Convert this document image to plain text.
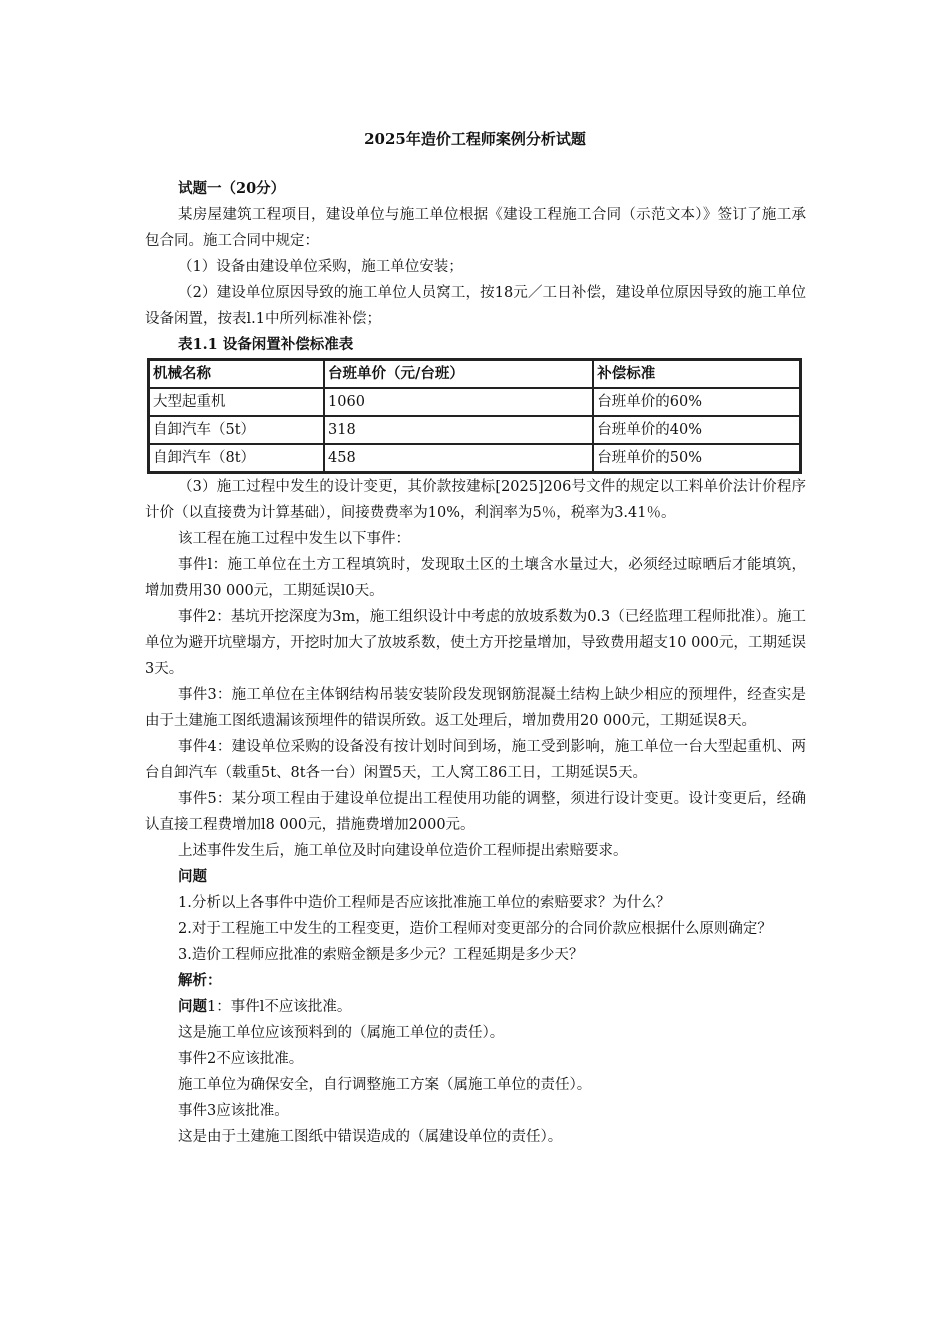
2025年造价工程师案例分析试题

试题一（20分）

某房屋建筑工程项目，建设单位与施工单位根据《建设工程施工合同（示范文本）》签订了施工承包合同。施工合同中规定：

（1）设备由建设单位采购，施工单位安装；

（2）建设单位原因导致的施工单位人员窝工，按18元／工日补偿，建设单位原因导致的施工单位设备闲置，按表l.1中所列标准补偿；

表1.1 设备闲置补偿标准表

机械名称	台班单价（元/台班）	补偿标准
大型起重机	1060	台班单价的60%
自卸汽车（5t）	318	台班单价的40%
自卸汽车（8t）	458	台班单价的50%

（3）施工过程中发生的设计变更，其价款按建标[2025]206号文件的规定以工料单价法计价程序计价（以直接费为计算基础），间接费费率为10%，利润率为5％，税率为3.41％。

该工程在施工过程中发生以下事件：

事件l：施工单位在土方工程填筑时，发现取土区的土壤含水量过大，必须经过晾晒后才能填筑，增加费用30 000元，工期延误l0天。

事件2：基坑开挖深度为3m，施工组织设计中考虑的放坡系数为0.3（已经监理工程师批准）。施工单位为避开坑壁塌方，开挖时加大了放坡系数，使土方开挖量增加，导致费用超支10 000元，工期延误3天。

事件3：施工单位在主体钢结构吊装安装阶段发现钢筋混凝土结构上缺少相应的预埋件，经查实是由于土建施工图纸遗漏该预埋件的错误所致。返工处理后，增加费用20 000元，工期延误8天。

事件4：建设单位采购的设备没有按计划时间到场，施工受到影响，施工单位一台大型起重机、两台自卸汽车（载重5t、8t各一台）闲置5天，工人窝工86工日，工期延误5天。

事件5：某分项工程由于建设单位提出工程使用功能的调整，须进行设计变更。设计变更后，经确认直接工程费增加l8 000元，措施费增加2000元。

上述事件发生后，施工单位及时向建设单位造价工程师提出索赔要求。

问题

1.分析以上各事件中造价工程师是否应该批准施工单位的索赔要求？为什么？

2.对于工程施工中发生的工程变更，造价工程师对变更部分的合同价款应根据什么原则确定？

3.造价工程师应批准的索赔金额是多少元？工程延期是多少天？

解析：

问题1：事件l不应该批准。

这是施工单位应该预料到的（属施工单位的责任）。

事件2不应该批准。

施工单位为确保安全，自行调整施工方案（属施工单位的责任）。

事件3应该批准。

这是由于土建施工图纸中错误造成的（属建设单位的责任）。
